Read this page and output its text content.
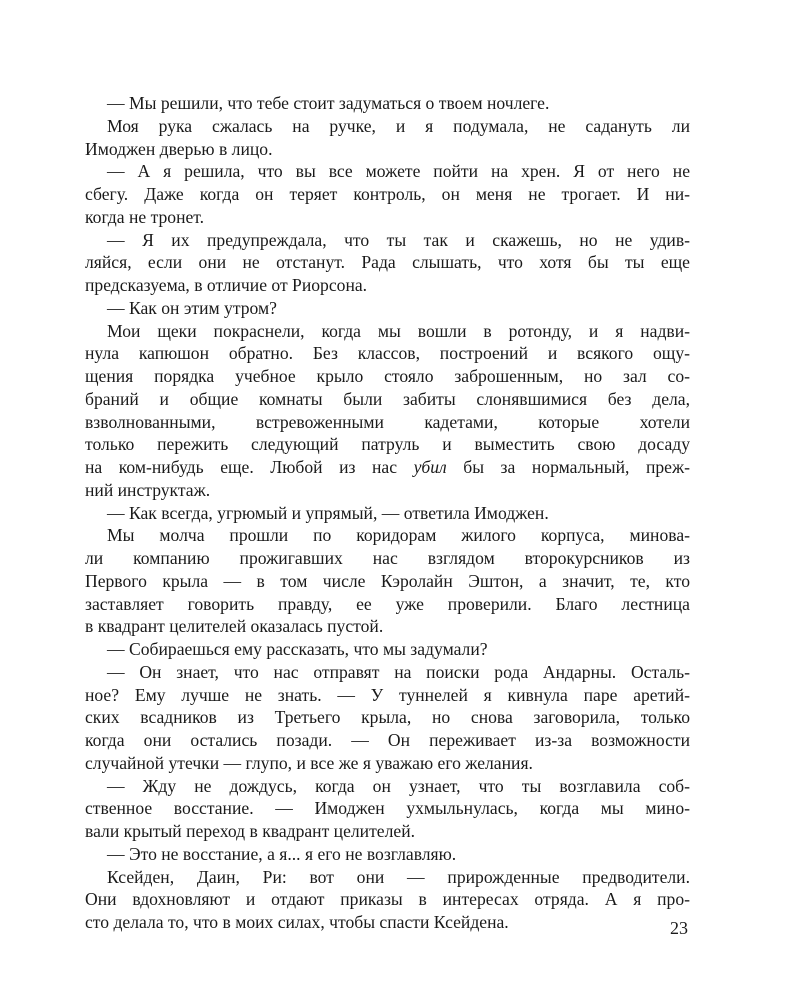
— Мы решили, что тебе стоит задуматься о твоем ночлеге.
Моя рука сжалась на ручке, и я подумала, не садануть ли
Имоджен дверью в лицо.
— А я решила, что вы все можете пойти на хрен. Я от него не
сбегу. Даже когда он теряет контроль, он меня не трогает. И ни-
когда не тронет.
— Я их предупреждала, что ты так и скажешь, но не удив-
ляйся, если они не отстанут. Рада слышать, что хотя бы ты еще
предсказуема, в отличие от Риорсона.
— Как он этим утром?
Мои щеки покраснели, когда мы вошли в ротонду, и я надви-
нула капюшон обратно. Без классов, построений и всякого ощу-
щения порядка учебное крыло стояло заброшенным, но зал со-
браний и общие комнаты были забиты слонявшимися без дела,
взволнованными, встревоженными кадетами, которые хотели
только пережить следующий патруль и выместить свою досаду
на ком-нибудь еще. Любой из нас убил бы за нормальный, преж-
ний инструктаж.
— Как всегда, угрюмый и упрямый, — ответила Имоджен.
Мы молча прошли по коридорам жилого корпуса, минова-
ли компанию прожигавших нас взглядом второкурсников из
Первого крыла — в том числе Кэролайн Эштон, а значит, те, кто
заставляет говорить правду, ее уже проверили. Благо лестница
в квадрант целителей оказалась пустой.
— Собираешься ему рассказать, что мы задумали?
— Он знает, что нас отправят на поиски рода Андарны. Осталь-
ное? Ему лучше не знать. — У туннелей я кивнула паре аретий-
ских всадников из Третьего крыла, но снова заговорила, только
когда они остались позади. — Он переживает из-за возможности
случайной утечки — глупо, и все же я уважаю его желания.
— Жду не дождусь, когда он узнает, что ты возглавила соб-
ственное восстание. — Имоджен ухмыльнулась, когда мы мино-
вали крытый переход в квадрант целителей.
— Это не восстание, а я... я его не возглавляю.
Ксейден, Даин, Ри: вот они — прирожденные предводители.
Они вдохновляют и отдают приказы в интересах отряда. А я про-
сто делала то, что в моих силах, чтобы спасти Ксейдена.	23
